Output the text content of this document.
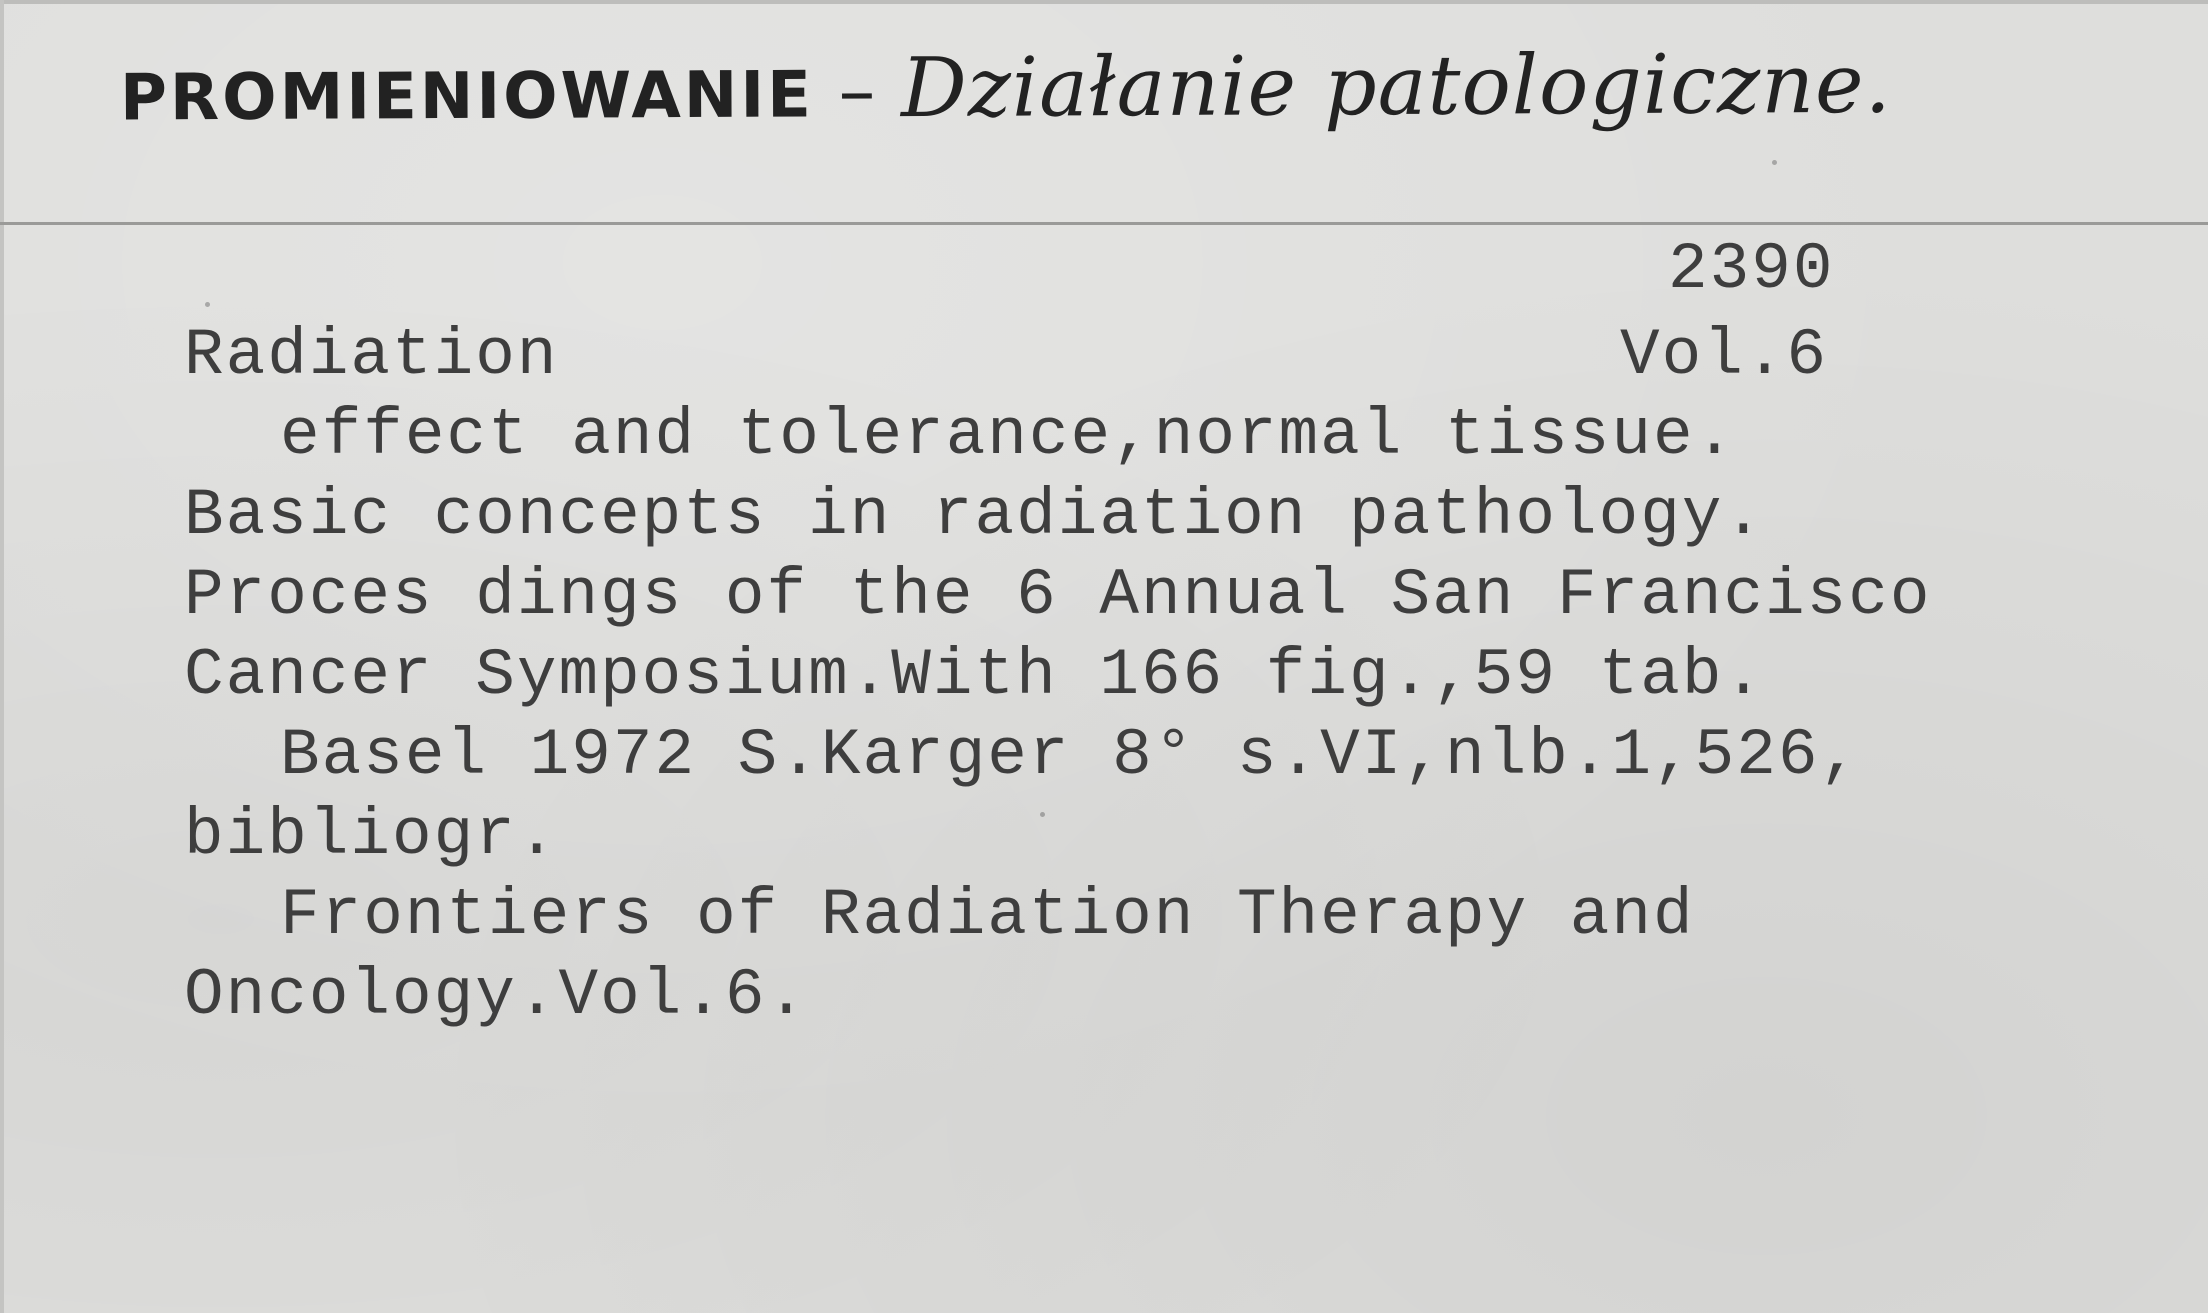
PROMIENIOWANIE – Działanie patologiczne.
2390
Vol.6
Radiation
effect and tolerance,normal tissue.
Basic concepts in radiation pathology.
Proces dings of the 6 Annual San Francisco
Cancer Symposium.With 166 fig.,59 tab.
Basel 1972 S.Karger 8° s.VI,nlb.1,526,
bibliogr.
Frontiers of Radiation Therapy and
Oncology.Vol.6.
